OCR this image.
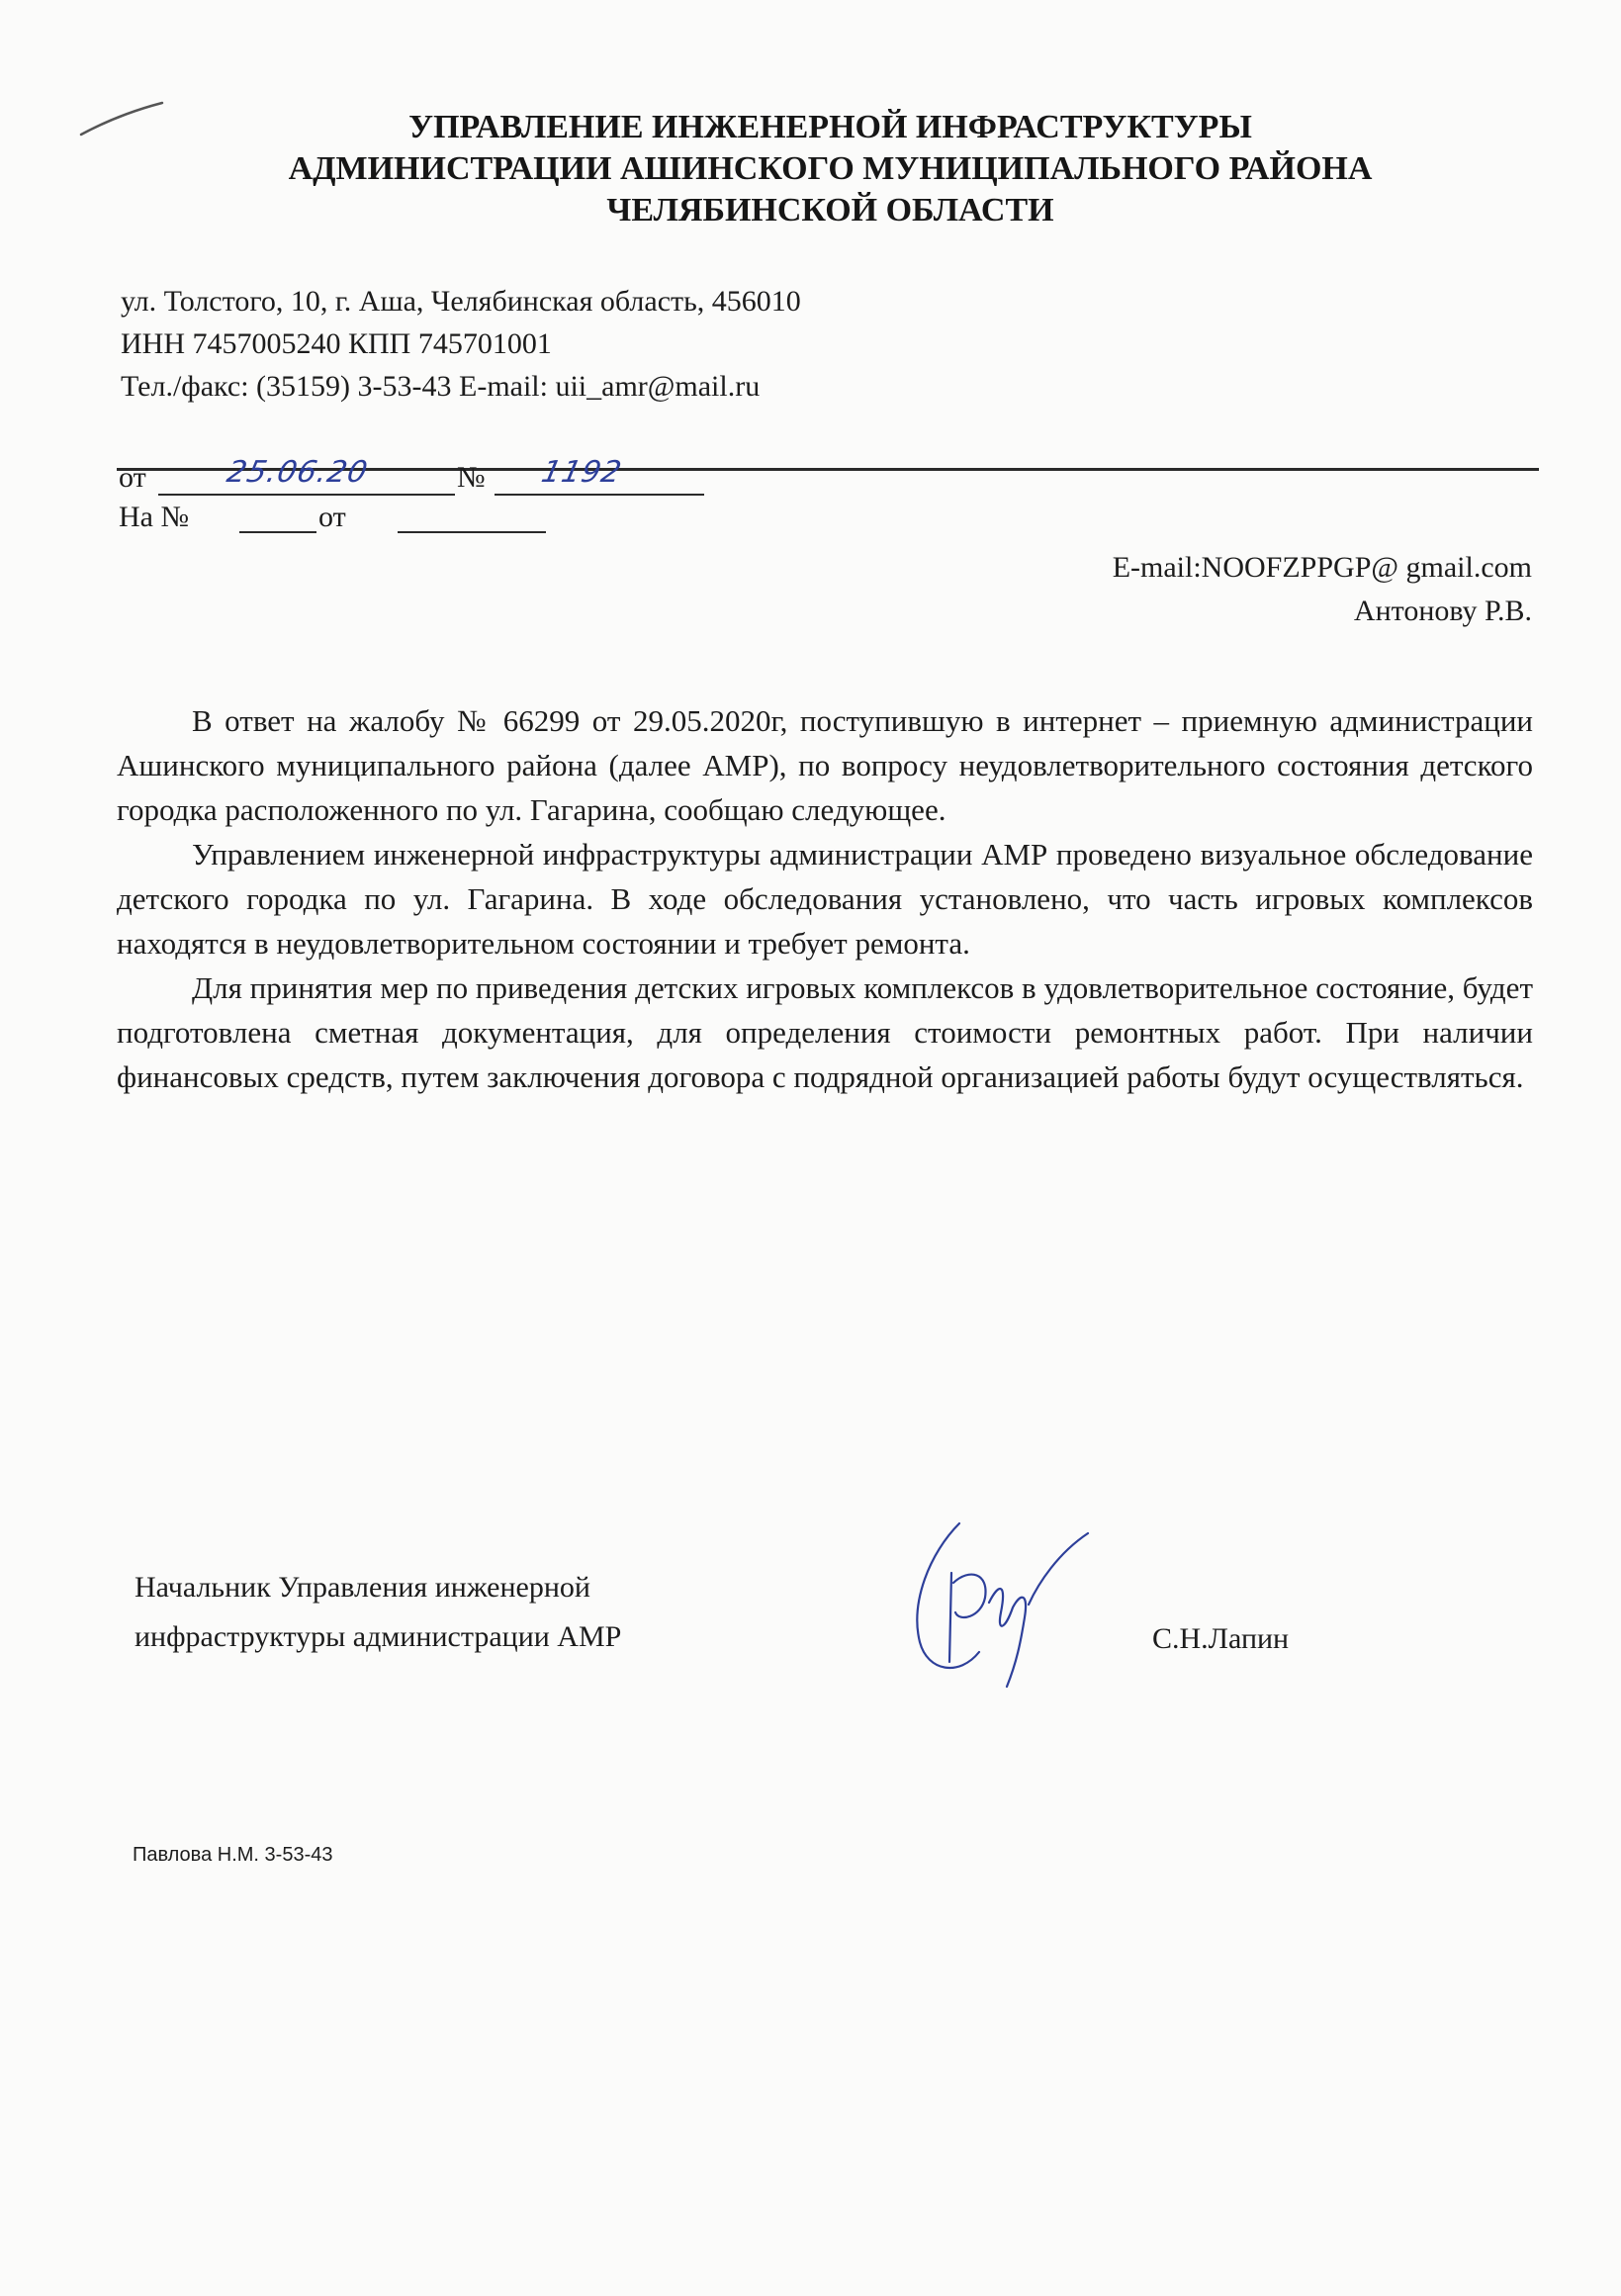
УПРАВЛЕНИЕ ИНЖЕНЕРНОЙ ИНФРАСТРУКТУРЫ
АДМИНИСТРАЦИИ АШИНСКОГО МУНИЦИПАЛЬНОГО РАЙОНА
ЧЕЛЯБИНСКОЙ ОБЛАСТИ
ул. Толстого, 10, г. Аша, Челябинская область, 456010
ИНН 7457005240 КПП 745701001
Тел./факс: (35159) 3-53-43 E-mail: uii_amr@mail.ru
от	25.06.20	№ 1192
На №	от
E-mail:NOOFZPPGP@ gmail.com
Антонову Р.В.

В ответ на жалобу № 66299 от 29.05.2020г, поступившую в интернет – приемную администрации Ашинского муниципального района (далее АМР), по вопросу неудовлетворительного состояния детского городка расположенного по ул. Гагарина, сообщаю следующее.

Управлением инженерной инфраструктуры администрации АМР проведено визуальное обследование детского городка по ул. Гагарина. В ходе обследования установлено, что часть игровых комплексов находятся в неудовлетворительном состоянии и требует ремонта.

Для принятия мер по приведения детских игровых комплексов в удовлетворительное состояние, будет подготовлена сметная документация, для определения стоимости ремонтных работ. При наличии финансовых средств, путем заключения договора с подрядной организацией работы будут осуществляться.

Начальник Управления инженерной
инфраструктуры администрации АМР	С.Н.Лапин
Павлова Н.М. 3-53-43
